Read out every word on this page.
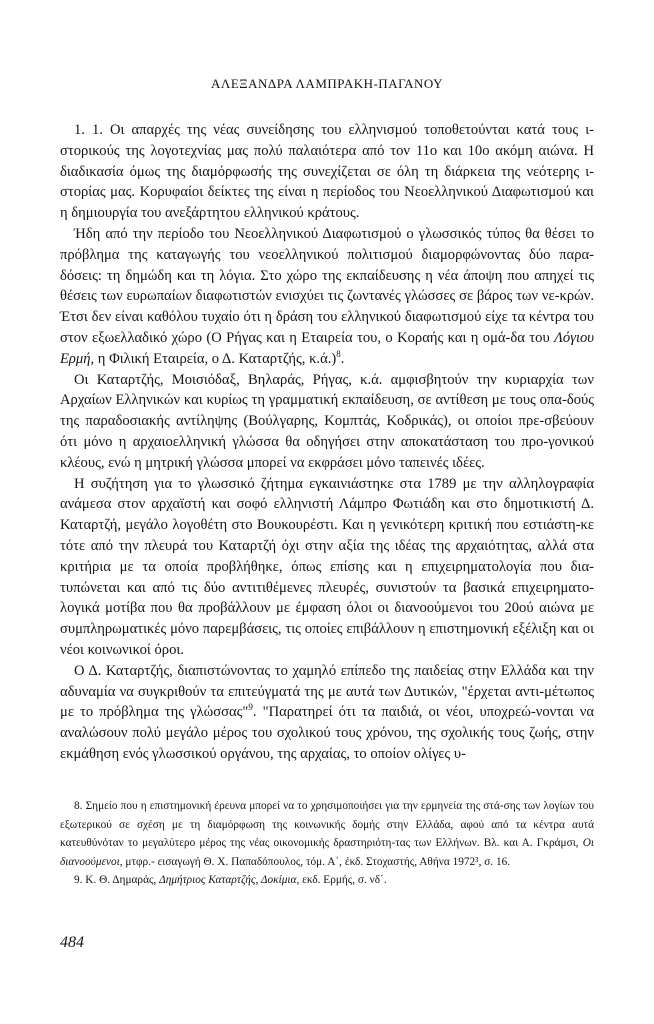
ΑΛΕΞΑΝΔΡΑ ΛΑΜΠΡΑΚΗ-ΠΑΓΑΝΟΥ

1. 1. Οι απαρχές της νέας συνείδησης του ελληνισμού τοποθετούνται κατά τους ι-στορικούς της λογοτεχνίας μας πολύ παλαιότερα από τον 11ο και 10ο ακόμη αιώνα. Η διαδικασία όμως της διαμόρφωσής της συνεχίζεται σε όλη τη διάρκεια της νεότερης ι-στορίας μας. Κορυφαίοι δείκτες της είναι η περίοδος του Νεοελληνικού Διαφωτισμού και η δημιουργία του ανεξάρτητου ελληνικού κράτους.

Ήδη από την περίοδο του Νεοελληνικού Διαφωτισμού ο γλωσσικός τύπος θα θέσει το πρόβλημα της καταγωγής του νεοελληνικού πολιτισμού διαμορφώνοντας δύο παρα-δόσεις: τη δημώδη και τη λόγια. Στο χώρο της εκπαίδευσης η νέα άποψη που απηχεί τις θέσεις των ευρωπαίων διαφωτιστών ενισχύει τις ζωντανές γλώσσες σε βάρος των νε-κρών. Έτσι δεν είναι καθόλου τυχαίο ότι η δράση του ελληνικού διαφωτισμού είχε τα κέντρα του στον εξωελλαδικό χώρο (Ο Ρήγας και η Εταιρεία του, ο Κοραής και η ομά-δα του Λόγιου Ερμή, η Φιλική Εταιρεία, ο Δ. Καταρτζής, κ.ά.)$^8$.

Οι Καταρτζής, Μοισιόδαξ, Βηλαράς, Ρήγας, κ.ά. αμφισβητούν την κυριαρχία των Αρχαίων Ελληνικών και κυρίως τη γραμματική εκπαίδευση, σε αντίθεση με τους οπα-δούς της παραδοσιακής αντίληψης (Βούλγαρης, Κομπτάς, Κοδρικάς), οι οποίοι πρε-σβεύουν ότι μόνο η αρχαιοελληνική γλώσσα θα οδηγήσει στην αποκατάσταση του προ-γονικού κλέους, ενώ η μητρική γλώσσα μπορεί να εκφράσει μόνο ταπεινές ιδέες.

Η συζήτηση για το γλωσσικό ζήτημα εγκαινιάστηκε στα 1789 με την αλληλογραφία ανάμεσα στον αρχαϊστή και σοφό ελληνιστή Λάμπρο Φωτιάδη και στο δημοτικιστή Δ. Καταρτζή, μεγάλο λογοθέτη στο Βουκουρέστι. Και η γενικότερη κριτική που εστιάστη-κε τότε από την πλευρά του Καταρτζή όχι στην αξία της ιδέας της αρχαιότητας, αλλά στα κριτήρια με τα οποία προβλήθηκε, όπως επίσης και η επιχειρηματολογία που δια-τυπώνεται και από τις δύο αντιτιθέμενες πλευρές, συνιστούν τα βασικά επιχειρηματο-λογικά μοτίβα που θα προβάλλουν με έμφαση όλοι οι διανοούμενοι του 20ού αιώνα με συμπληρωματικές μόνο παρεμβάσεις, τις οποίες επιβάλλουν η επιστημονική εξέλιξη και οι νέοι κοινωνικοί όροι.

Ο Δ. Καταρτζής, διαπιστώνοντας το χαμηλό επίπεδο της παιδείας στην Ελλάδα και την αδυναμία να συγκριθούν τα επιτεύγματά της με αυτά των Δυτικών, "έρχεται αντι-μέτωπος με το πρόβλημα της γλώσσας"$^9$. "Παρατηρεί ότι τα παιδιά, οι νέοι, υποχρεώ-νονται να αναλώσουν πολύ μεγάλο μέρος του σχολικού τους χρόνου, της σχολικής τους ζωής, στην εκμάθηση ενός γλωσσικού οργάνου, της αρχαίας, το οποίον ολίγες υ-

8. Σημείο που η επιστημονική έρευνα μπορεί να το χρησιμοποιήσει για την ερμηνεία της στά-σης των λογίων του εξωτερικού σε σχέση με τη διαμόρφωση της κοινωνικής δομής στην Ελλάδα, αφού από τα κέντρα αυτά κατευθύνόταν το μεγαλύτερο μέρος της νέας οικονομικής δραστηριότη-τας των Ελλήνων. Βλ. και Α. Γκράμσι, Οι διανοούμενοι, μτφρ.- εισαγωγή Θ. Χ. Παπαδόπουλος, τόμ. Α΄, έκδ. Στοχαστής, Αθήνα 1972³, σ. 16.

9. Κ. Θ. Δημαράς, Δημήτριος Καταρτζής, Δοκίμια, εκδ. Ερμής, σ. νδ΄.

484
